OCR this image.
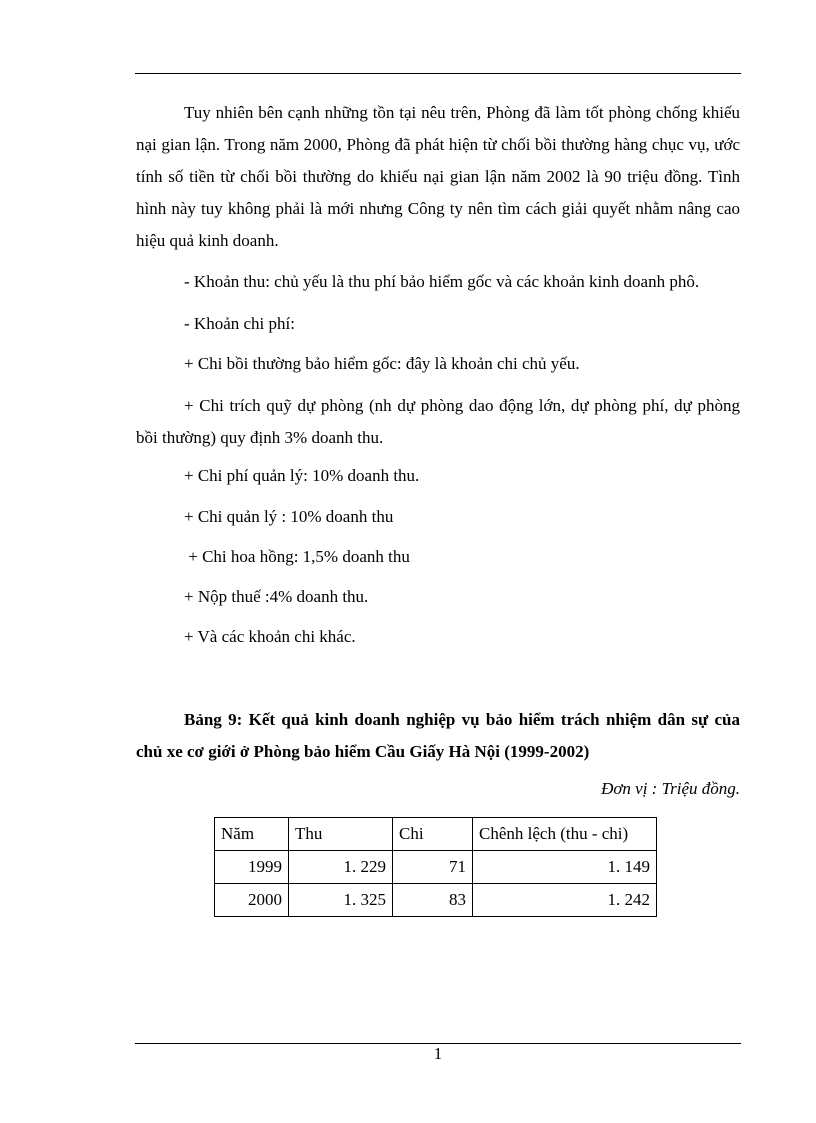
Tuy nhiên bên cạnh những tồn tại nêu trên, Phòng đã làm tốt phòng chống khiếu nại gian lận. Trong năm 2000, Phòng đã phát hiện từ chối bồi thường hàng chục vụ, ước tính số tiền từ chối bồi thường do khiếu nại gian lận năm 2002 là 90 triệu đồng. Tình hình này tuy không phải là mới nhưng Công ty nên tìm cách giải quyết nhằm nâng cao hiệu quả kinh doanh.

- Khoản thu: chủ yếu là thu phí bảo hiểm gốc và các khoản kinh doanh phô.
- Khoản chi phí:
+ Chi bồi thường bảo hiểm gốc: đây là khoản chi chủ yếu.

+ Chi trích quỹ dự phòng (nh dự phòng dao động lớn, dự phòng phí, dự phòng bồi thường) quy định 3% doanh thu.

+ Chi phí quản lý: 10% doanh thu.
+ Chi quản lý : 10% doanh thu
+ Chi hoa hồng: 1,5% doanh thu
+ Nộp thuế :4% doanh thu.
+ Và các khoản chi khác.

Bảng 9: Kết quả kinh doanh nghiệp vụ bảo hiểm trách nhiệm dân sự của chủ xe cơ giới ở Phòng bảo hiểm Cầu Giấy Hà Nội (1999-2002)

Đơn vị : Triệu đồng.
Năm	Thu	Chi	Chênh lệch (thu - chi)
1999	1. 229	71	1. 149
2000	1. 325	83	1. 242
1
